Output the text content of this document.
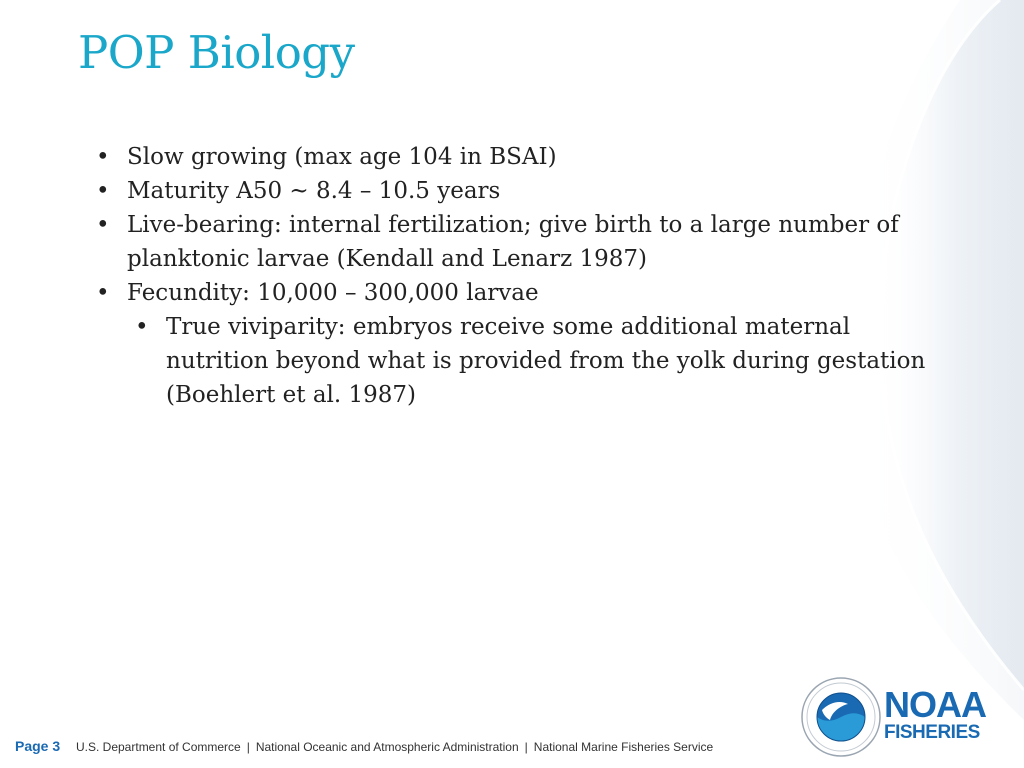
POP Biology
• Slow growing (max age 104 in BSAI)
• Maturity A50 ~ 8.4 – 10.5 years
• Live-bearing: internal fertilization; give birth to a large number of planktonic larvae (Kendall and Lenarz 1987)
• Fecundity: 10,000 – 300,000 larvae
• True viviparity: embryos receive some additional maternal nutrition beyond what is provided from the yolk during gestation (Boehlert et al. 1987)
Page 3 U.S. Department of Commerce | National Oceanic and Atmospheric Administration | National Marine Fisheries Service
NOAA
FISHERIES
